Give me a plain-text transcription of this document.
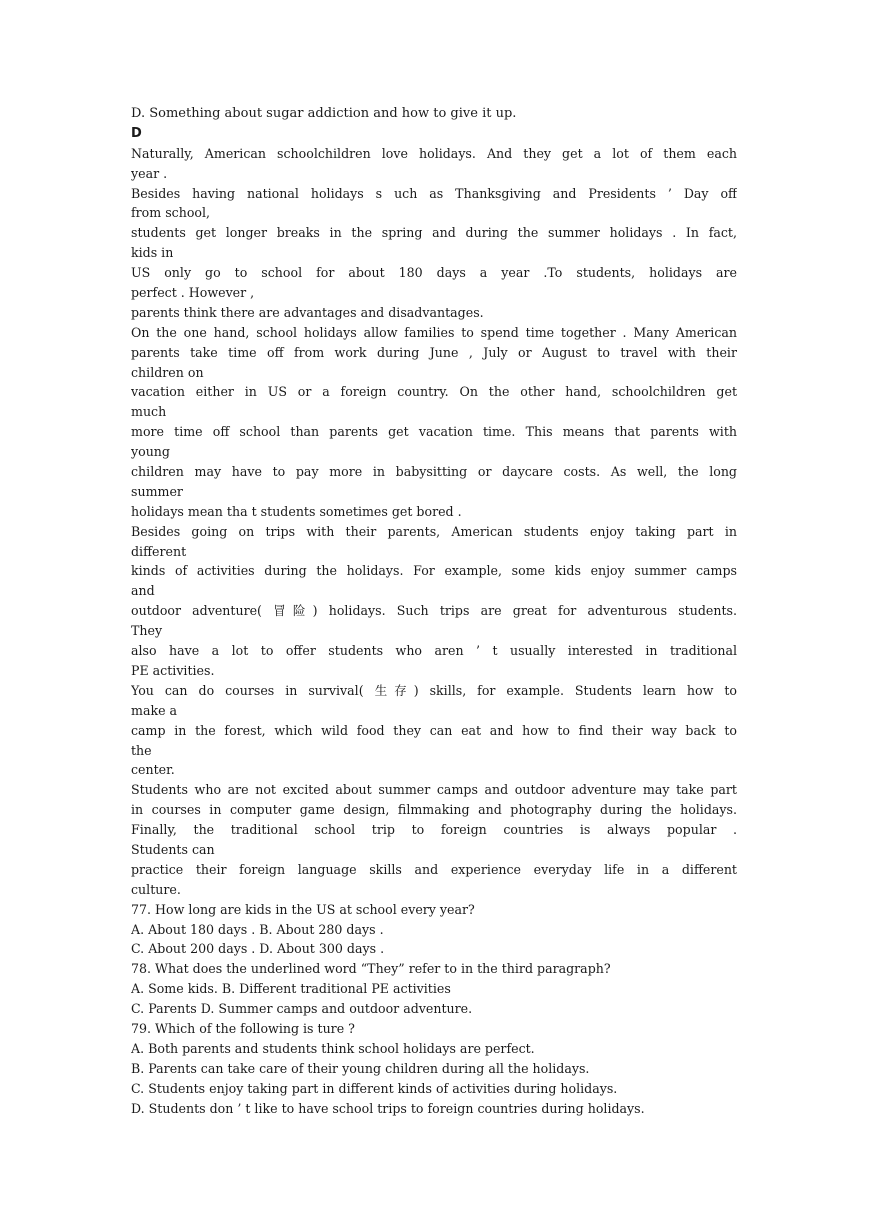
D. Something about sugar addiction and how to give it up.
D
Naturally, American schoolchildren love holidays. And they get a lot of them each
year .
Besides having national holidays s uch as Thanksgiving and Presidents ’ Day off
from school,
students get longer breaks in the spring and during the summer holidays . In fact,
kids in
US only go to school for about 180 days a year .To students, holidays are
perfect . However ,
parents think there are advantages and disadvantages.
On the one hand, school holidays allow families to spend time together . Many American
parents take time off from work during June , July or August to travel with their
children on
vacation either in US or a foreign country. On the other hand, schoolchildren get
much
more time off school than parents get vacation time. This means that parents with
young
children may have to pay more in babysitting or daycare costs. As well, the long
summer
holidays mean tha t students sometimes get bored .
Besides going on trips with their parents, American students enjoy taking part in
different
kinds of activities during the holidays. For example, some kids enjoy summer camps
and
outdoor adventure( 冒险) holidays. Such trips are great for adventurous students.
They
also have a lot to offer students who aren ’ t usually interested in traditional
PE activities.
You can do courses in survival( 生存) skills, for example. Students learn how to
make a
camp in the forest, which wild food they can eat and how to find their way back to
the
center.
Students who are not excited about summer camps and outdoor adventure may take part
in courses in computer game design, filmmaking and photography during the holidays.
Finally, the traditional school trip to foreign countries is always popular .
Students can
practice their foreign language skills and experience everyday life in a different
culture.
77. How long are kids in the US at school every year?
A. About 180 days . B. About 280 days .
C. About 200 days . D. About 300 days .
78. What does the underlined word “They” refer to in the third paragraph?
A. Some kids. B. Different traditional PE activities
C. Parents D. Summer camps and outdoor adventure.
79. Which of the following is ture ?
A. Both parents and students think school holidays are perfect.
B. Parents can take care of their young children during all the holidays.
C. Students enjoy taking part in different kinds of activities during holidays.
D. Students don ’ t like to have school trips to foreign countries during holidays.
